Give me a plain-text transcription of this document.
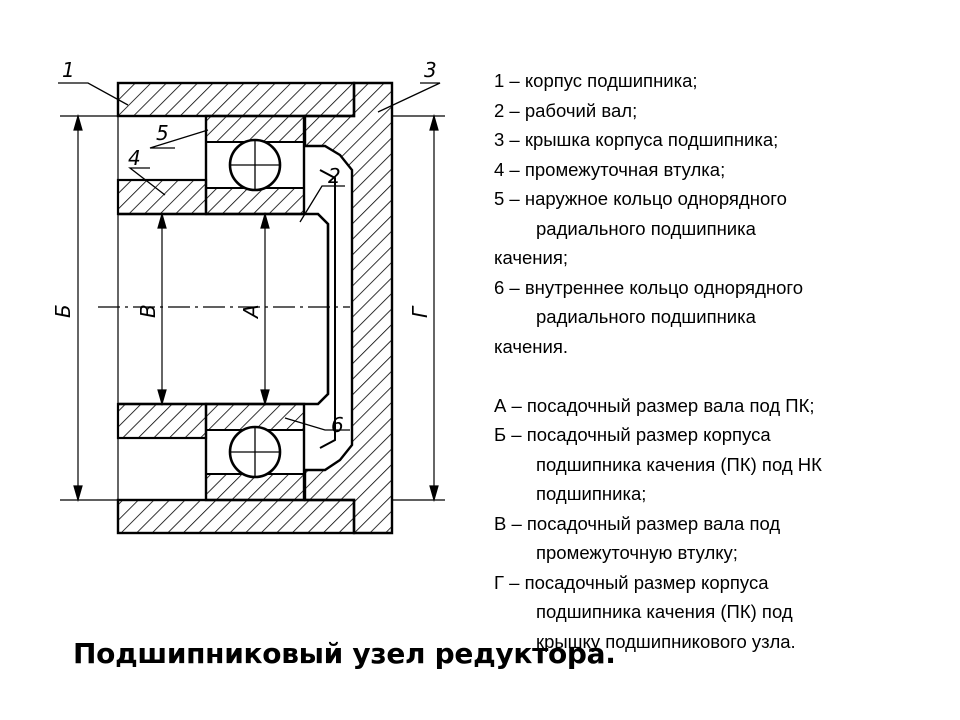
1	3
5
4
2
6
Б	В	А	Г
1 – корпус подшипника;
2 – рабочий вал;
3 – крышка корпуса подшипника;
4 – промежуточная втулка;
5 – наружное кольцо однорядного
радиального подшипника
качения;
6 – внутреннее кольцо однорядного
радиального подшипника
качения.
А – посадочный размер вала под ПК;
Б – посадочный размер корпуса
подшипника качения (ПК) под НК
подшипника;
В – посадочный размер вала под
промежуточную втулку;
Г – посадочный размер корпуса
подшипника качения (ПК) под
крышку подшипникового узла.
Подшипниковый узел редуктора.
